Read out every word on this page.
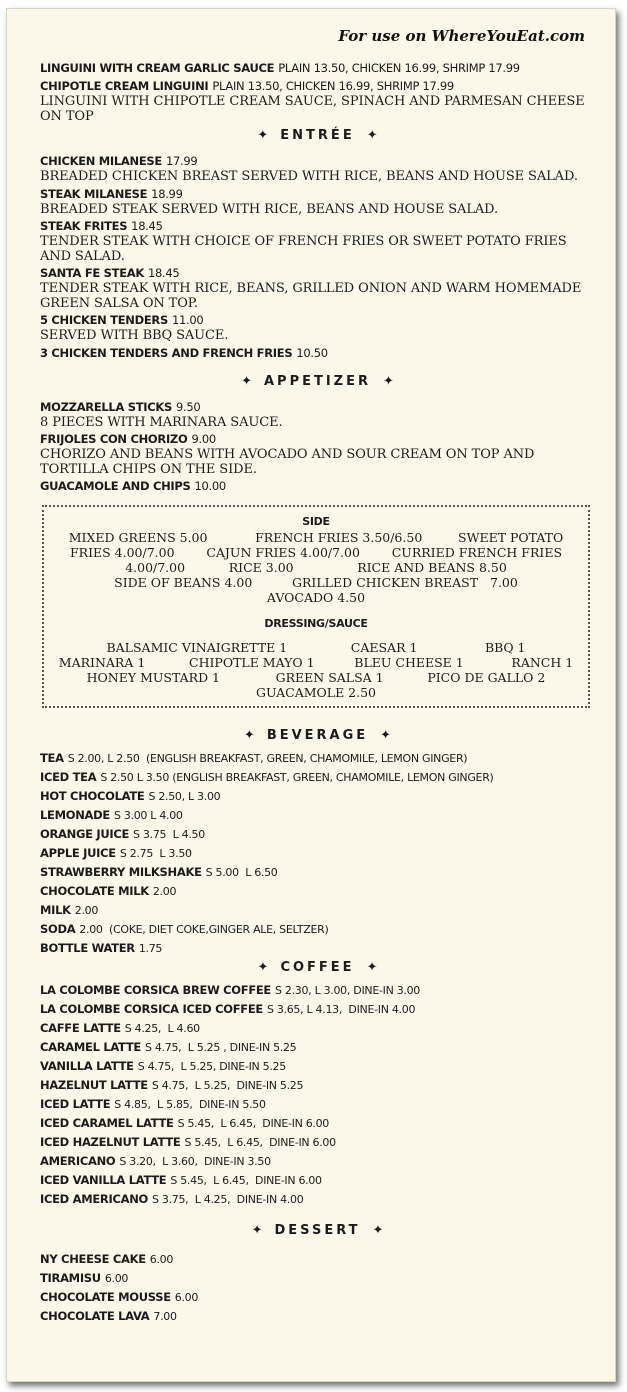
For use on WhereYouEat.com
LINGUINI WITH CREAM GARLIC SAUCE PLAIN 13.50, CHICKEN 16.99, SHRIMP 17.99
CHIPOTLE CREAM LINGUINI PLAIN 13.50, CHICKEN 16.99, SHRIMP 17.99
LINGUINI WITH CHIPOTLE CREAM SAUCE, SPINACH AND PARMESAN CHEESE ON TOP
✦ ENTRÉE ✦
CHICKEN MILANESE 17.99
BREADED CHICKEN BREAST SERVED WITH RICE, BEANS AND HOUSE SALAD.
STEAK MILANESE 18.99
BREADED STEAK SERVED WITH RICE, BEANS AND HOUSE SALAD.
STEAK FRITES 18.45
TENDER STEAK WITH CHOICE OF FRENCH FRIES OR SWEET POTATO FRIES AND SALAD.
SANTA FE STEAK 18.45
TENDER STEAK WITH RICE, BEANS, GRILLED ONION AND WARM HOMEMADE GREEN SALSA ON TOP.
5 CHICKEN TENDERS 11.00
SERVED WITH BBQ SAUCE.
3 CHICKEN TENDERS AND FRENCH FRIES 10.50
✦ APPETIZER ✦
MOZZARELLA STICKS 9.50
8 PIECES WITH MARINARA SAUCE.
FRIJOLES CON CHORIZO 9.00
CHORIZO AND BEANS WITH AVOCADO AND SOUR CREAM ON TOP AND TORTILLA CHIPS ON THE SIDE.
GUACAMOLE AND CHIPS 10.00
SIDE
MIXED GREENS 5.00            FRENCH FRIES 3.50/6.50         SWEET POTATO
FRIES 4.00/7.00        CAJUN FRIES 4.00/7.00        CURRIED FRENCH FRIES
4.00/7.00           RICE 3.00                RICE AND BEANS 8.50
SIDE OF BEANS 4.00          GRILLED CHICKEN BREAST   7.00
AVOCADO 4.50
DRESSING/SAUCE
BALSAMIC VINAIGRETTE 1                CAESAR 1                 BBQ 1
MARINARA 1           CHIPOTLE MAYO 1          BLEU CHEESE 1            RANCH 1
HONEY MUSTARD 1              GREEN SALSA 1           PICO DE GALLO 2
GUACAMOLE 2.50
✦ BEVERAGE ✦
TEA S 2.00, L 2.50  (ENGLISH BREAKFAST, GREEN, CHAMOMILE, LEMON GINGER)
ICED TEA S 2.50 L 3.50 (ENGLISH BREAKFAST, GREEN, CHAMOMILE, LEMON GINGER)
HOT CHOCOLATE S 2.50, L 3.00
LEMONADE S 3.00 L 4.00
ORANGE JUICE S 3.75  L 4.50
APPLE JUICE S 2.75  L 3.50
STRAWBERRY MILKSHAKE S 5.00  L 6.50
CHOCOLATE MILK 2.00
MILK 2.00
SODA 2.00  (COKE, DIET COKE,GINGER ALE, SELTZER)
BOTTLE WATER 1.75
✦ COFFEE ✦
LA COLOMBE CORSICA BREW COFFEE S 2.30, L 3.00, DINE-IN 3.00
LA COLOMBE CORSICA ICED COFFEE S 3.65, L 4.13,  DINE-IN 4.00
CAFFE LATTE S 4.25,  L 4.60
CARAMEL LATTE S 4.75,  L 5.25 , DINE-IN 5.25
VANILLA LATTE S 4.75,  L 5.25, DINE-IN 5.25
HAZELNUT LATTE S 4.75,  L 5.25,  DINE-IN 5.25
ICED LATTE S 4.85,  L 5.85,  DINE-IN 5.50
ICED CARAMEL LATTE S 5.45,  L 6.45,  DINE-IN 6.00
ICED HAZELNUT LATTE S 5.45,  L 6.45,  DINE-IN 6.00
AMERICANO S 3.20,  L 3.60,  DINE-IN 3.50
ICED VANILLA LATTE S 5.45,  L 6.45,  DINE-IN 6.00
ICED AMERICANO S 3.75,  L 4.25,  DINE-IN 4.00
✦ DESSERT ✦
NY CHEESE CAKE 6.00
TIRAMISU 6.00
CHOCOLATE MOUSSE 6.00
CHOCOLATE LAVA 7.00
